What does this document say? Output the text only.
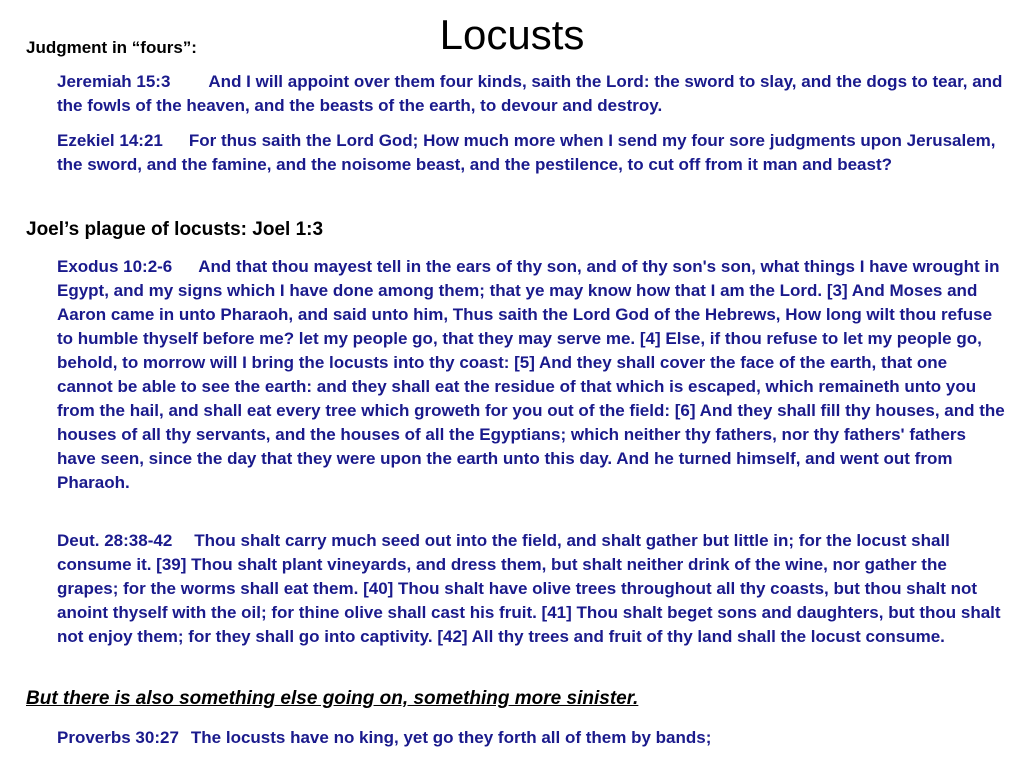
Locusts
Judgment in “fours”:
Jeremiah 15:3 And I will appoint over them four kinds, saith the Lord: the sword to slay, and the dogs to tear, and the fowls of the heaven, and the beasts of the earth, to devour and destroy.
Ezekiel 14:21 For thus saith the Lord God; How much more when I send my four sore judgments upon Jerusalem, the sword, and the famine, and the noisome beast, and the pestilence, to cut off from it man and beast?
Joel’s plague of locusts: Joel 1:3
Exodus 10:2-6 And that thou mayest tell in the ears of thy son, and of thy son's son, what things I have wrought in Egypt, and my signs which I have done among them; that ye may know how that I am the Lord. [3] And Moses and Aaron came in unto Pharaoh, and said unto him, Thus saith the Lord God of the Hebrews, How long wilt thou refuse to humble thyself before me? let my people go, that they may serve me. [4] Else, if thou refuse to let my people go, behold, to morrow will I bring the locusts into thy coast: [5] And they shall cover the face of the earth, that one cannot be able to see the earth: and they shall eat the residue of that which is escaped, which remaineth unto you from the hail, and shall eat every tree which groweth for you out of the field: [6] And they shall fill thy houses, and the houses of all thy servants, and the houses of all the Egyptians; which neither thy fathers, nor thy fathers' fathers have seen, since the day that they were upon the earth unto this day. And he turned himself, and went out from Pharaoh.
Deut. 28:38-42 Thou shalt carry much seed out into the field, and shalt gather but little in; for the locust shall consume it. [39] Thou shalt plant vineyards, and dress them, but shalt neither drink of the wine, nor gather the grapes; for the worms shall eat them. [40] Thou shalt have olive trees throughout all thy coasts, but thou shalt not anoint thyself with the oil; for thine olive shall cast his fruit. [41] Thou shalt beget sons and daughters, but thou shalt not enjoy them; for they shall go into captivity. [42] All thy trees and fruit of thy land shall the locust consume.
But there is also something else going on, something more sinister.
Proverbs 30:27 The locusts have no king, yet go they forth all of them by bands;
